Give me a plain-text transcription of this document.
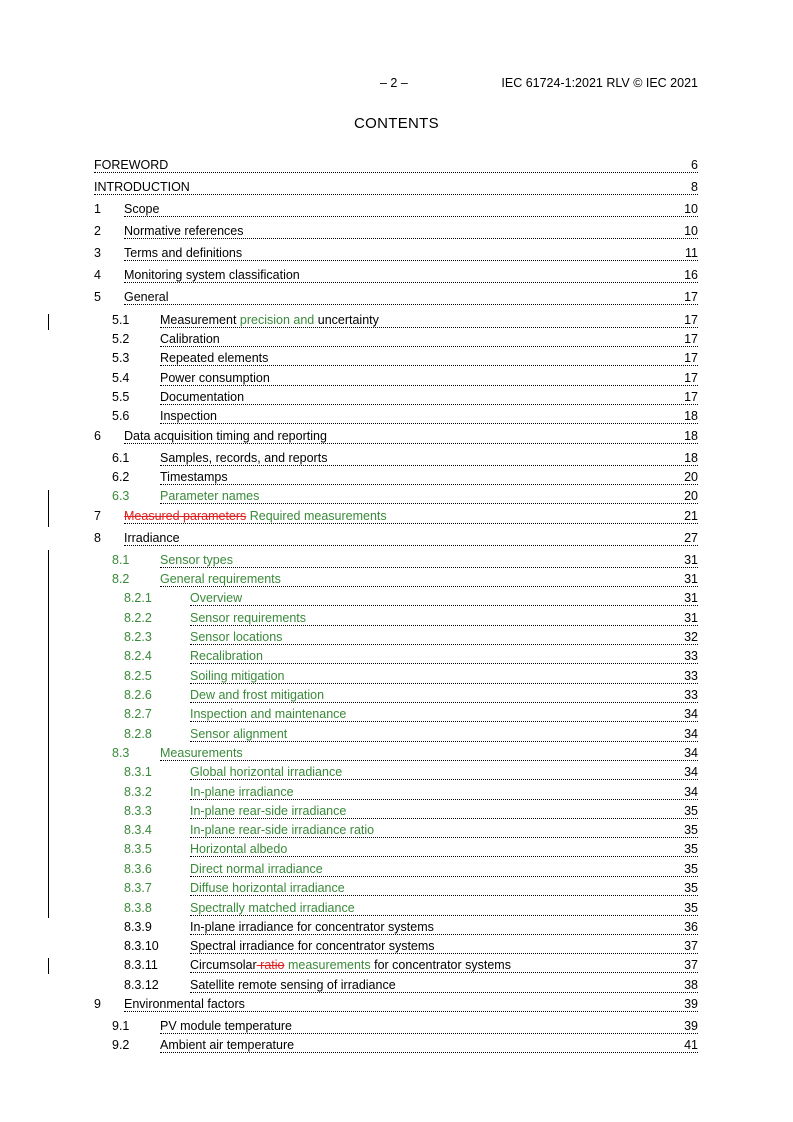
– 2 –	IEC 61724-1:2021 RLV © IEC 2021
CONTENTS
FOREWORD	6
INTRODUCTION	8
1 Scope	10
2 Normative references	10
3 Terms and definitions	11
4 Monitoring system classification	16
5 General	17
5.1 Measurement precision and uncertainty	17
5.2 Calibration	17
5.3 Repeated elements	17
5.4 Power consumption	17
5.5 Documentation	17
5.6 Inspection	18
6 Data acquisition timing and reporting	18
6.1 Samples, records, and reports	18
6.2 Timestamps	20
6.3 Parameter names	20
7 Measured parameters Required measurements	21
8 Irradiance	27
8.1 Sensor types	31
8.2 General requirements	31
8.2.1	Overview	31
8.2.2	Sensor requirements	31
8.2.3	Sensor locations	32
8.2.4	Recalibration	33
8.2.5	Soiling mitigation	33
8.2.6	Dew and frost mitigation	33
8.2.7	Inspection and maintenance	34
8.2.8	Sensor alignment	34
8.3 Measurements	34
8.3.1	Global horizontal irradiance	34
8.3.2	In-plane irradiance	34
8.3.3	In-plane rear-side irradiance	35
8.3.4	In-plane rear-side irradiance ratio	35
8.3.5	Horizontal albedo	35
8.3.6	Direct normal irradiance	35
8.3.7	Diffuse horizontal irradiance	35
8.3.8	Spectrally matched irradiance	35
8.3.9	In-plane irradiance for concentrator systems	36
8.3.10 Spectral irradiance for concentrator systems	37
8.3.11	Circumsolar ratio measurements for concentrator systems	37
8.3.12 Satellite remote sensing of irradiance	38
9 Environmental factors	39
9.1 PV module temperature	39
9.2 Ambient air temperature	41
